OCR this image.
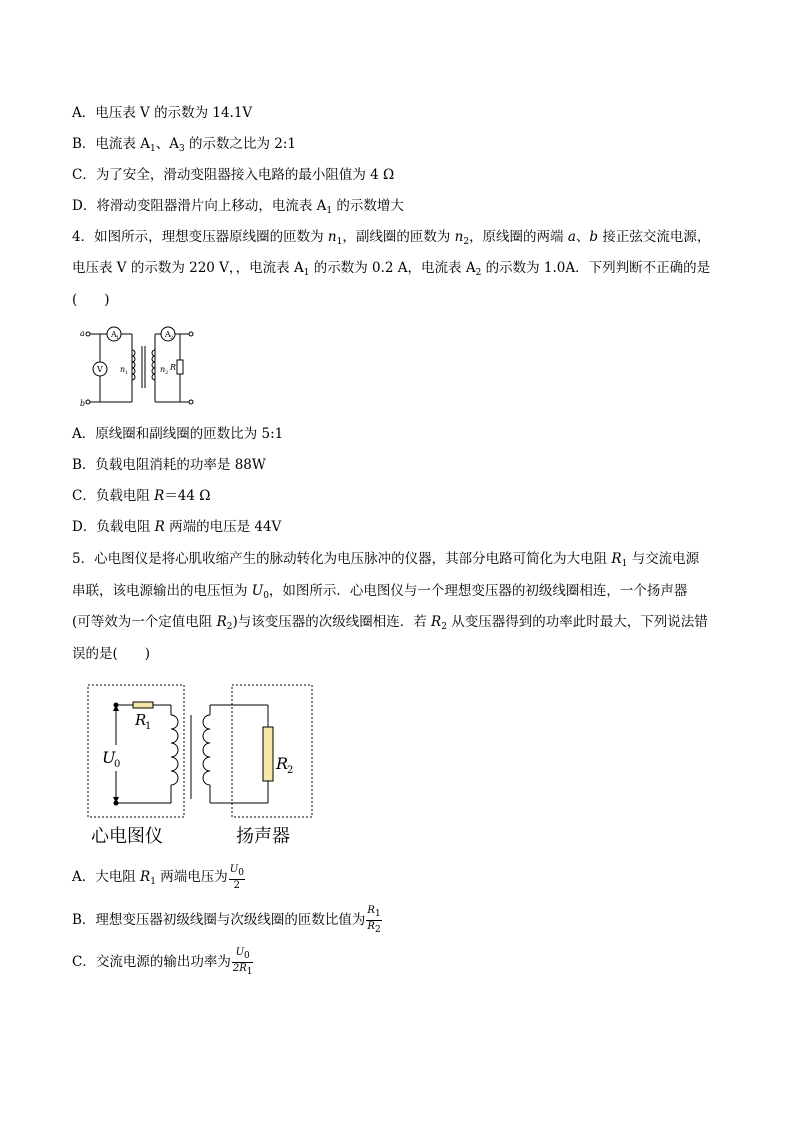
A．电压表 V 的示数为 14.1V
B．电流表 $A_1$、$A_3$ 的示数之比为 2:1
C．为了安全，滑动变阻器接入电路的最小阻值为 4 Ω
D．将滑动变阻器滑片向上移动，电流表 $A_1$ 的示数增大
4．如图所示，理想变压器原线圈的匝数为 $n_1$，副线圈的匝数为 $n_2$，原线圈的两端 a、b 接正弦交流电源，
电压表 V 的示数为 220 V，，电流表 $A_1$ 的示数为 0.2 A，电流表 $A_2$ 的示数为 1.0A．下列判断不正确的是
(　　)
a
b
A 1	A 2
V n 1	n 2
R
A．原线圈和副线圈的匝数比为 5:1
B．负载电阻消耗的功率是 88W
C．负载电阻 R＝44 Ω
D．负载电阻 R 两端的电压是 44V
5．心电图仪是将心肌收缩产生的脉动转化为电压脉冲的仪器，其部分电路可简化为大电阻 $R_1$ 与交流电源
串联，该电源输出的电压恒为 $U_0$，如图所示．心电图仪与一个理想变压器的初级线圈相连，一个扬声器
(可等效为一个定值电阻 $R_2$)与该变压器的次级线圈相连．若 $R_2$ 从变压器得到的功率此时最大，下列说法错
误的是(　　)
R
1
U
0	R
2
心电图仪	扬声器
A．大电阻 $R_1$ 两端电压为 $\frac{U_0}{2}$
B．理想变压器初级线圈与次级线圈的匝数比值为 $\frac{R_1}{R_2}$
C．交流电源的输出功率为 $\frac{U_0}{2R_1}$
